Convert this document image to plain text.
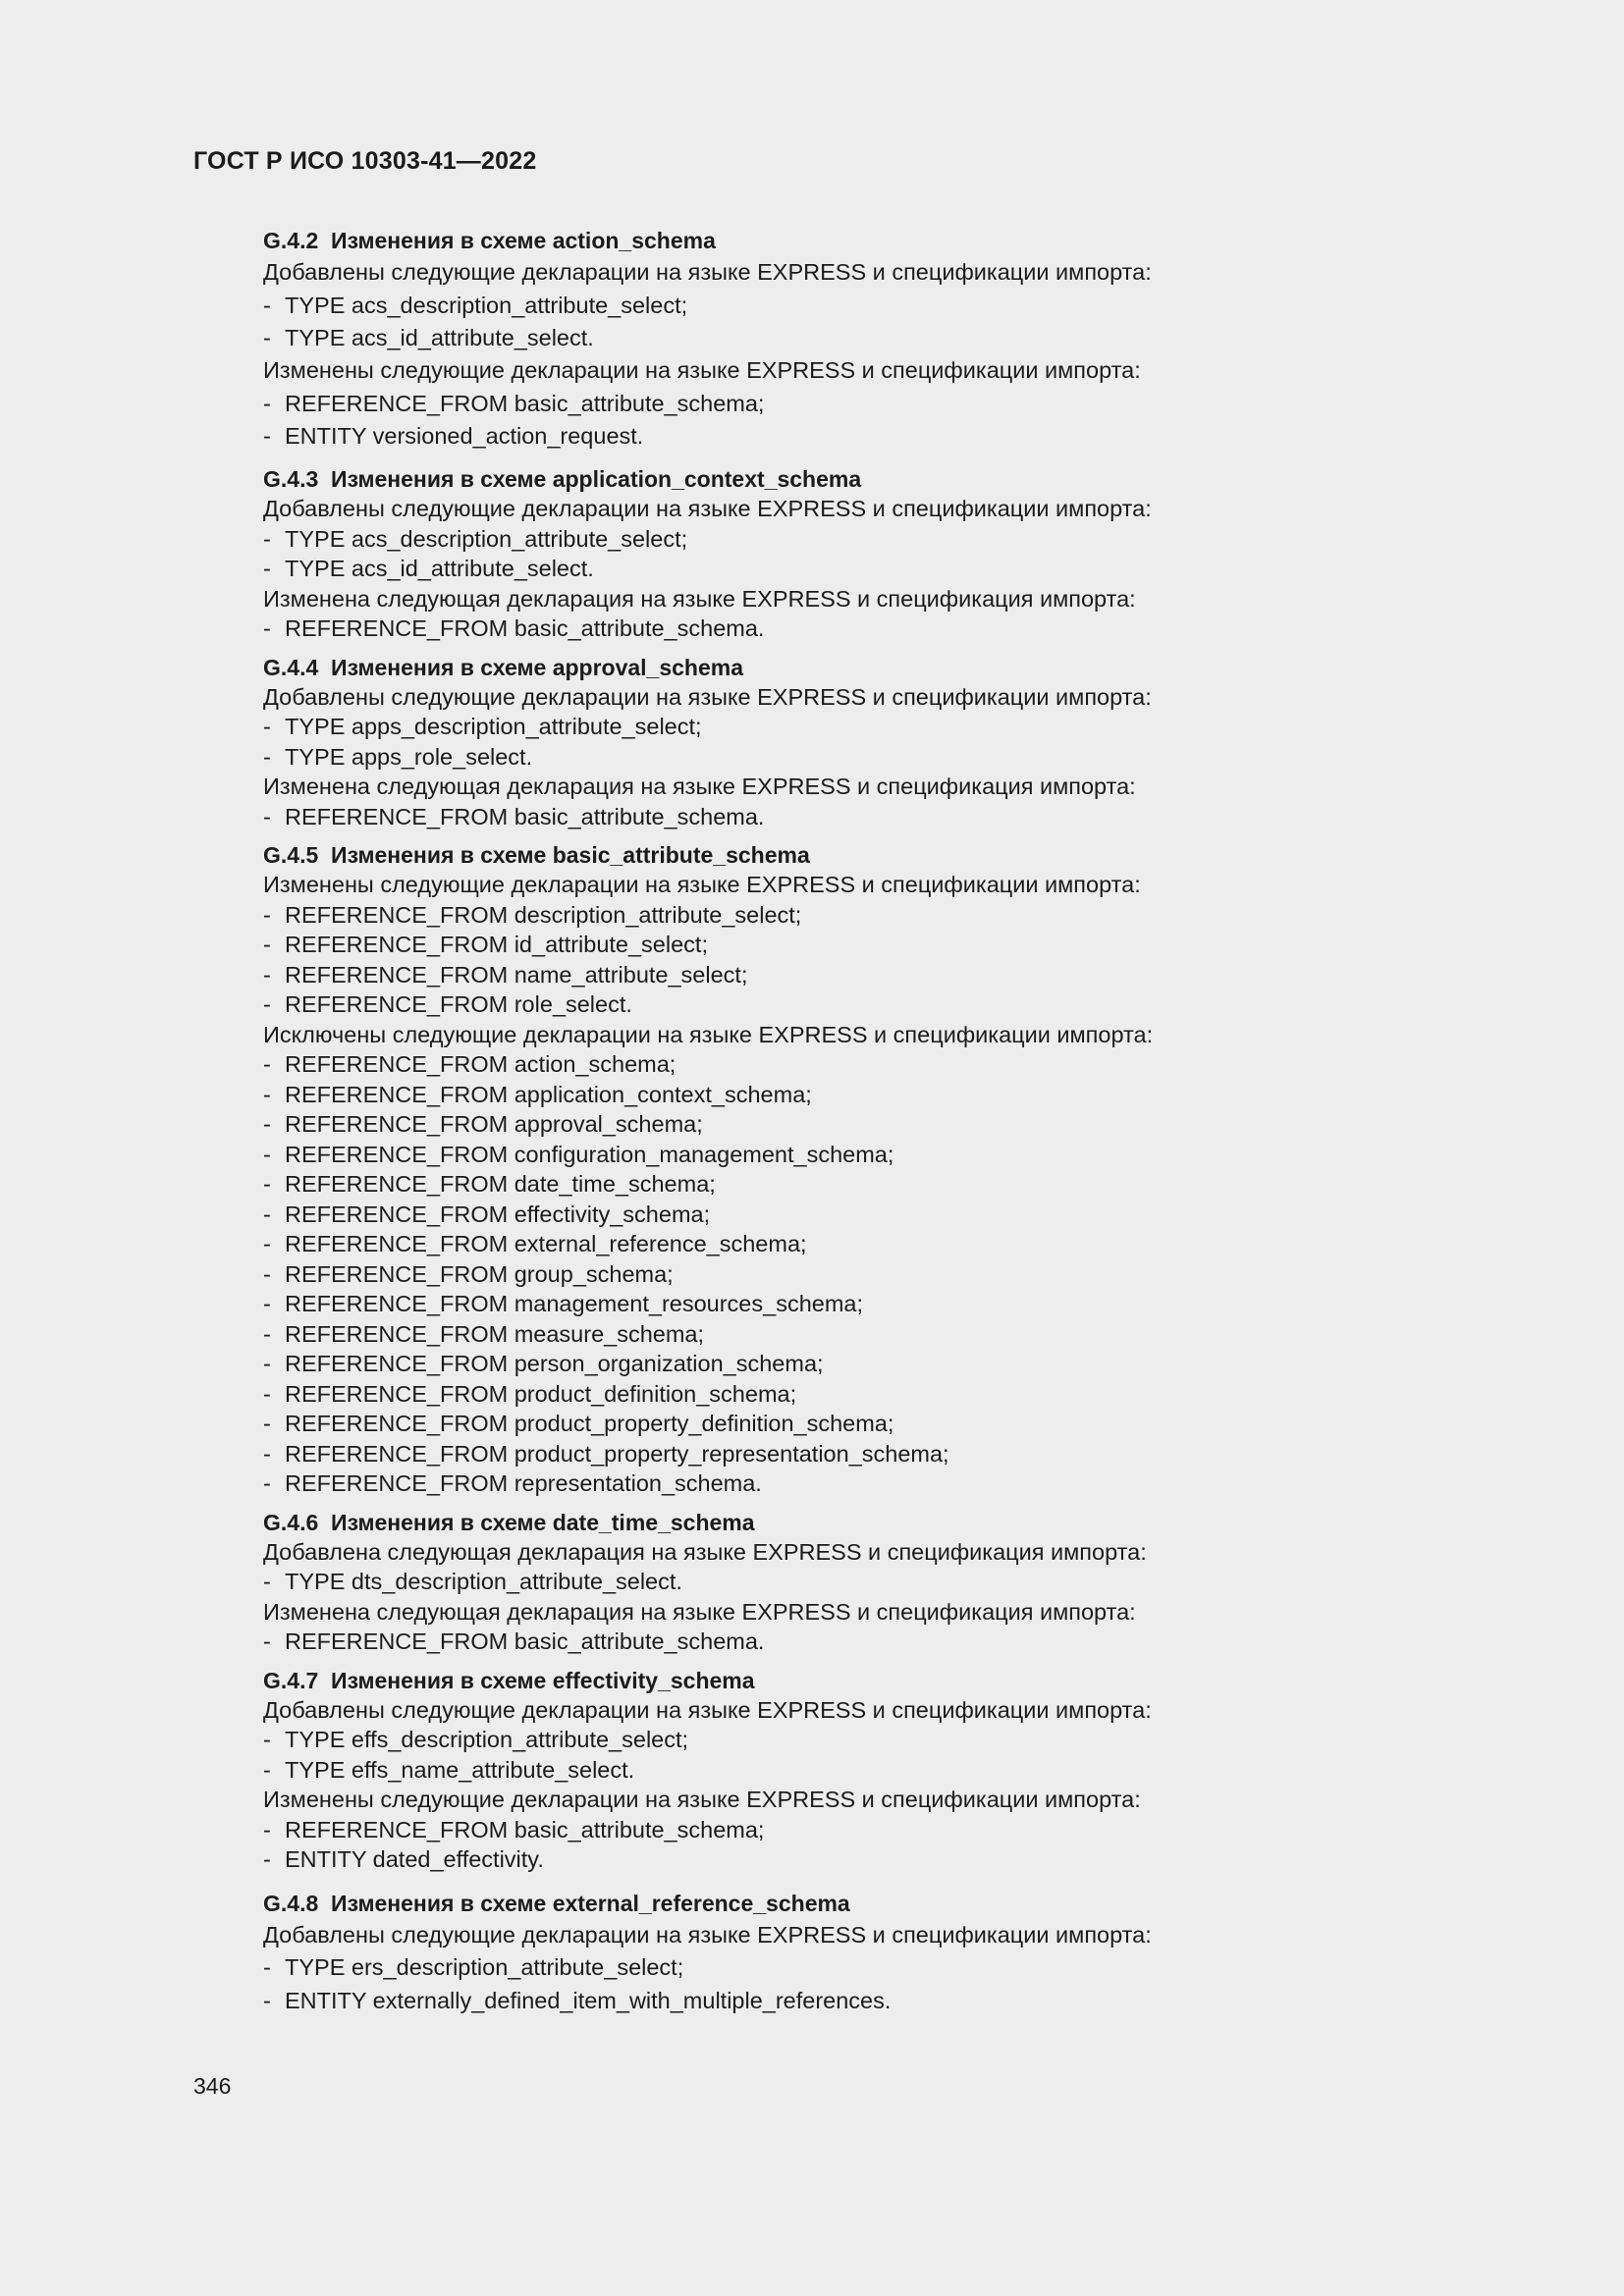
ГОСТ Р ИСО 10303-41—2022

G.4.2 Изменения в схеме action_schema

Добавлены следующие декларации на языке EXPRESS и спецификации импорта:

- TYPE acs_description_attribute_select;

- TYPE acs_id_attribute_select.

Изменены следующие декларации на языке EXPRESS и спецификации импорта:

- REFERENCE_FROM basic_attribute_schema;

- ENTITY versioned_action_request.

G.4.3 Изменения в схеме application_context_schema

Добавлены следующие декларации на языке EXPRESS и спецификации импорта:

- TYPE acs_description_attribute_select;

- TYPE acs_id_attribute_select.

Изменена следующая декларация на языке EXPRESS и спецификация импорта:

- REFERENCE_FROM basic_attribute_schema.

G.4.4 Изменения в схеме approval_schema

Добавлены следующие декларации на языке EXPRESS и спецификации импорта:

- TYPE apps_description_attribute_select;

- TYPE apps_role_select.

Изменена следующая декларация на языке EXPRESS и спецификация импорта:

- REFERENCE_FROM basic_attribute_schema.

G.4.5 Изменения в схеме basic_attribute_schema

Изменены следующие декларации на языке EXPRESS и спецификации импорта:

- REFERENCE_FROM description_attribute_select;

- REFERENCE_FROM id_attribute_select;

- REFERENCE_FROM name_attribute_select;

- REFERENCE_FROM role_select.

Исключены следующие декларации на языке EXPRESS и спецификации импорта:

- REFERENCE_FROM action_schema;

- REFERENCE_FROM application_context_schema;

- REFERENCE_FROM approval_schema;

- REFERENCE_FROM configuration_management_schema;

- REFERENCE_FROM date_time_schema;

- REFERENCE_FROM effectivity_schema;

- REFERENCE_FROM external_reference_schema;

- REFERENCE_FROM group_schema;

- REFERENCE_FROM management_resources_schema;

- REFERENCE_FROM measure_schema;

- REFERENCE_FROM person_organization_schema;

- REFERENCE_FROM product_definition_schema;

- REFERENCE_FROM product_property_definition_schema;

- REFERENCE_FROM product_property_representation_schema;

- REFERENCE_FROM representation_schema.

G.4.6 Изменения в схеме date_time_schema

Добавлена следующая декларация на языке EXPRESS и спецификация импорта:

- TYPE dts_description_attribute_select.

Изменена следующая декларация на языке EXPRESS и спецификация импорта:

- REFERENCE_FROM basic_attribute_schema.

G.4.7 Изменения в схеме effectivity_schema

Добавлены следующие декларации на языке EXPRESS и спецификации импорта:

- TYPE effs_description_attribute_select;

- TYPE effs_name_attribute_select.

Изменены следующие декларации на языке EXPRESS и спецификации импорта:

- REFERENCE_FROM basic_attribute_schema;

- ENTITY dated_effectivity.

G.4.8 Изменения в схеме external_reference_schema

Добавлены следующие декларации на языке EXPRESS и спецификации импорта:

- TYPE ers_description_attribute_select;

- ENTITY externally_defined_item_with_multiple_references.

346
